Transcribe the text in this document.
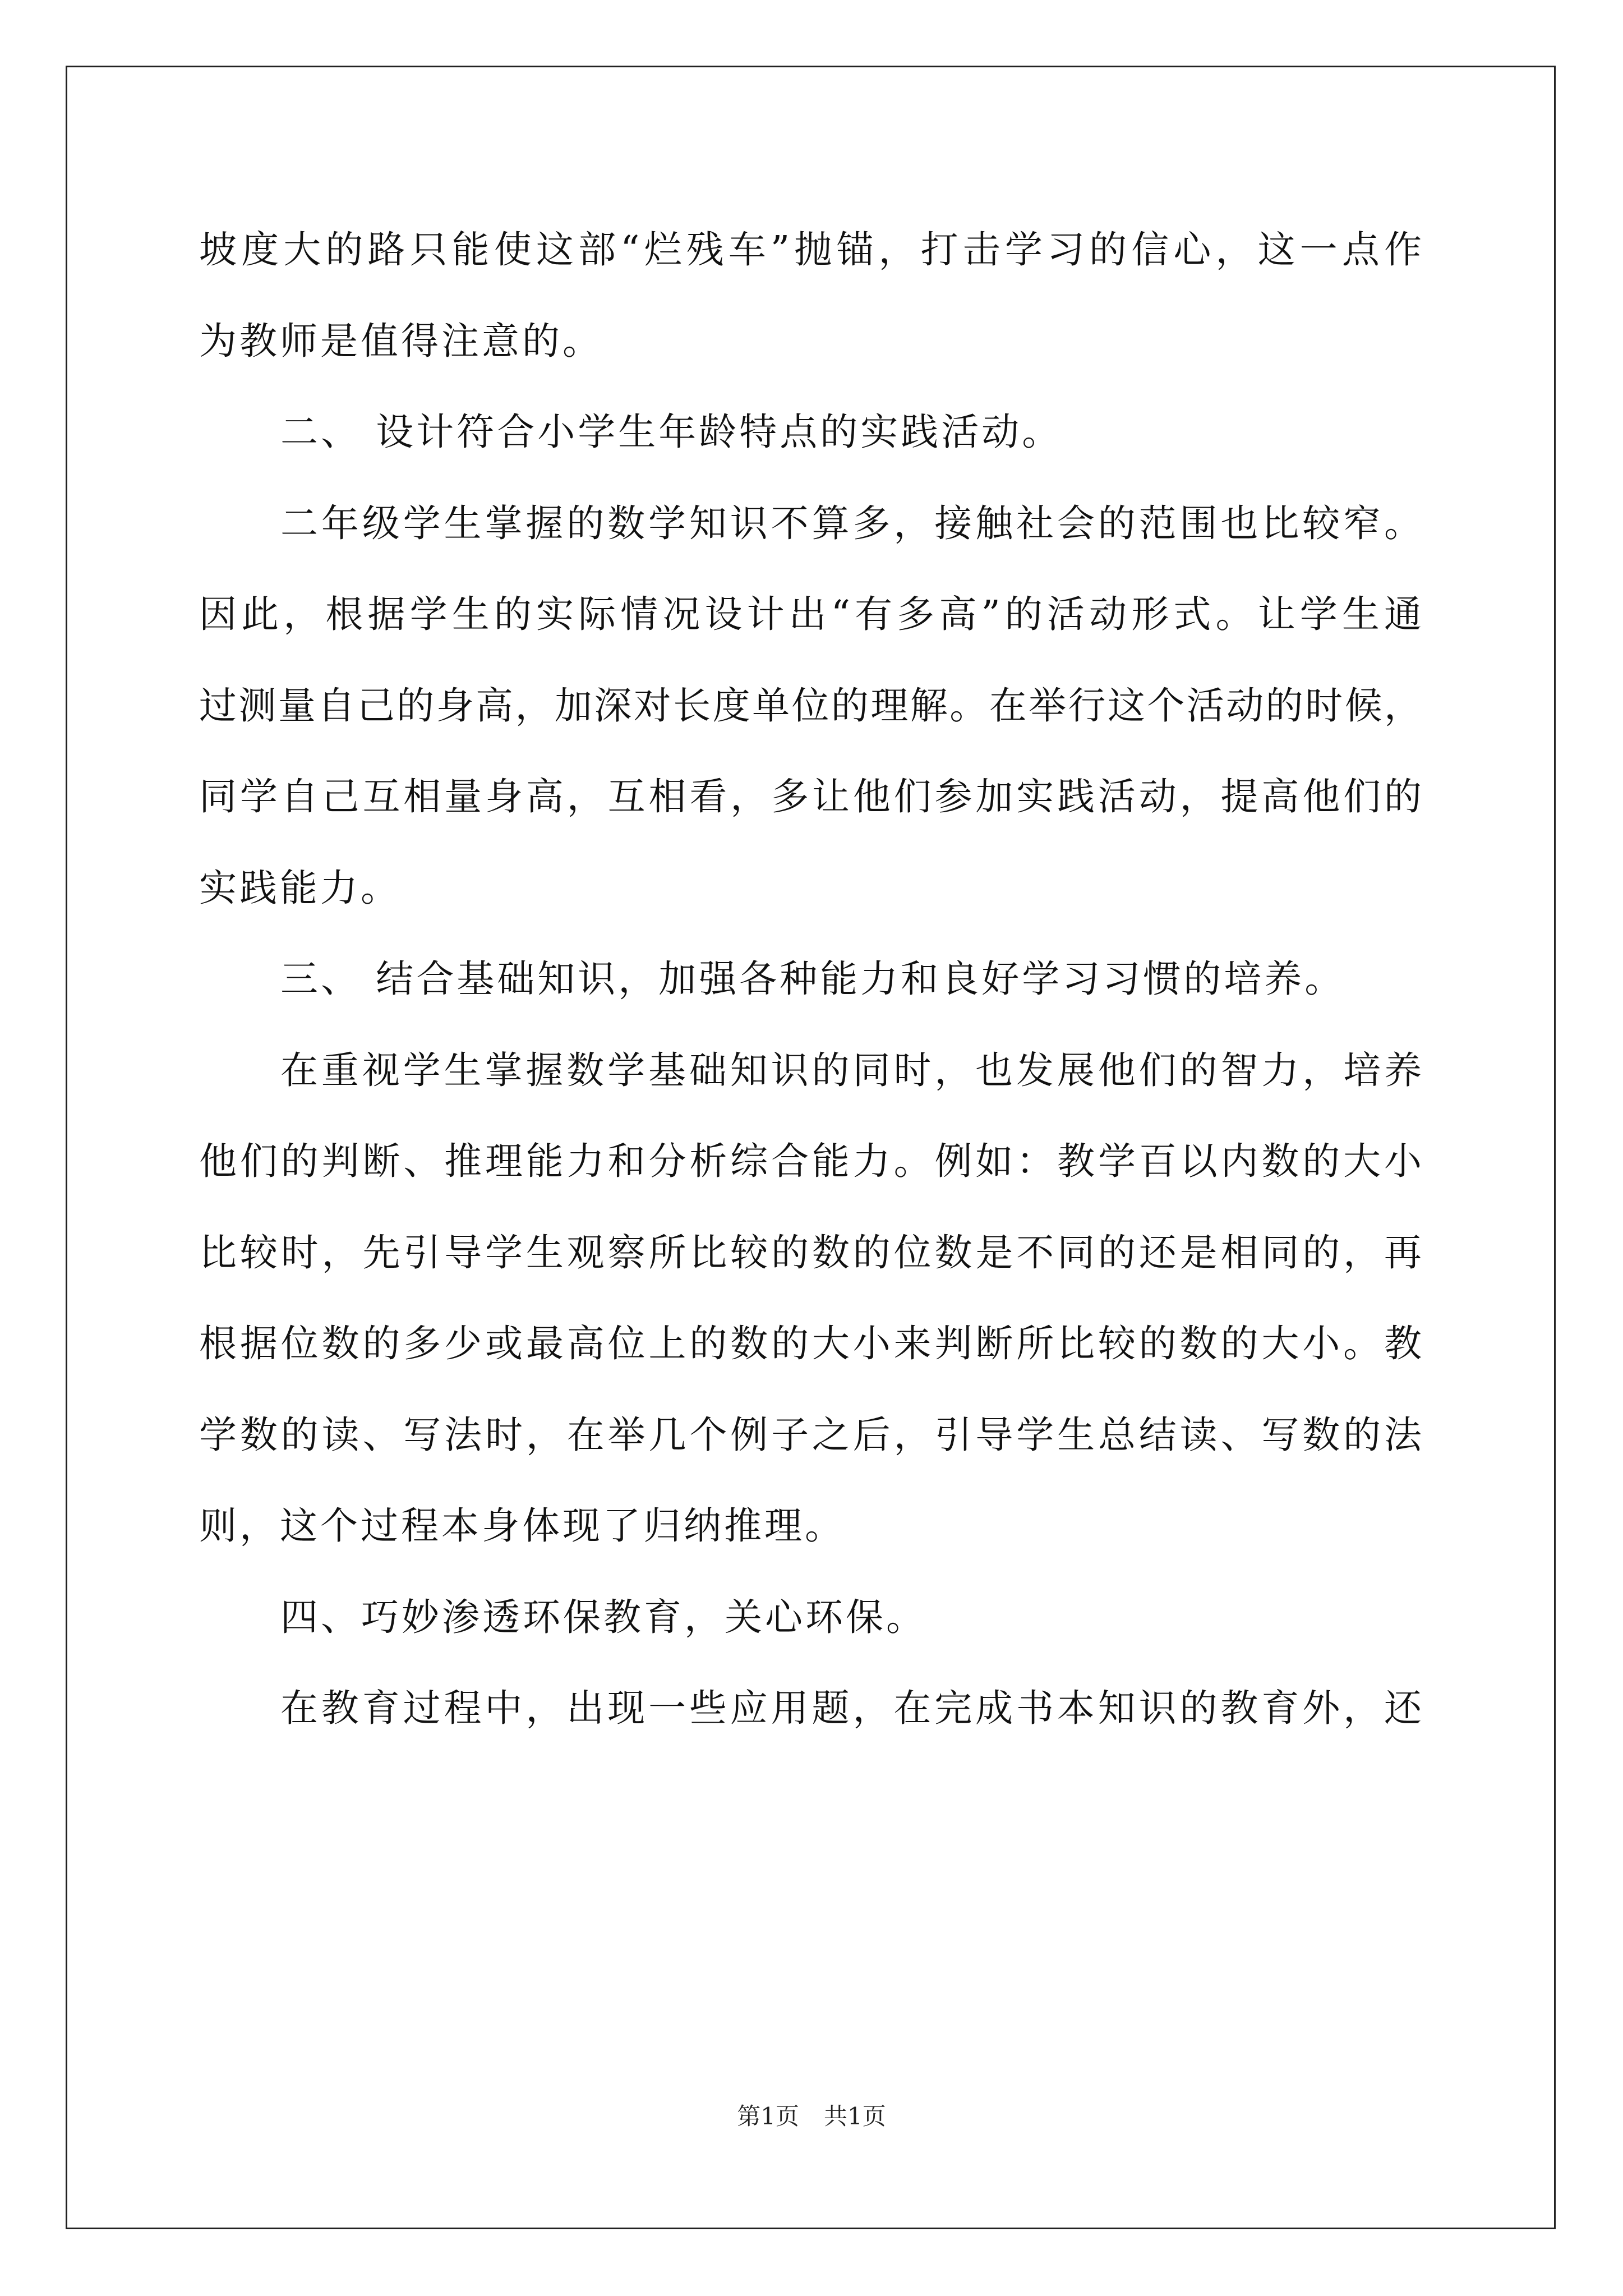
坡度大的路只能使这部“烂残车”抛锚，打击学习的信心，这一点作

为教师是值得注意的。

二、 设计符合小学生年龄特点的实践活动。

二年级学生掌握的数学知识不算多，接触社会的范围也比较窄。

因此，根据学生的实际情况设计出“有多高”的活动形式。让学生通

过测量自己的身高，加深对长度单位的理解。在举行这个活动的时候，

同学自己互相量身高，互相看，多让他们参加实践活动，提高他们的

实践能力。

三、 结合基础知识，加强各种能力和良好学习习惯的培养。

在重视学生掌握数学基础知识的同时，也发展他们的智力，培养

他们的判断、推理能力和分析综合能力。例如：教学百以内数的大小

比较时，先引导学生观察所比较的数的位数是不同的还是相同的，再

根据位数的多少或最高位上的数的大小来判断所比较的数的大小。教

学数的读、写法时，在举几个例子之后，引导学生总结读、写数的法

则，这个过程本身体现了归纳推理。

四、巧妙渗透环保教育，关心环保。

在教育过程中，出现一些应用题，在完成书本知识的教育外，还

第1页 共1页
